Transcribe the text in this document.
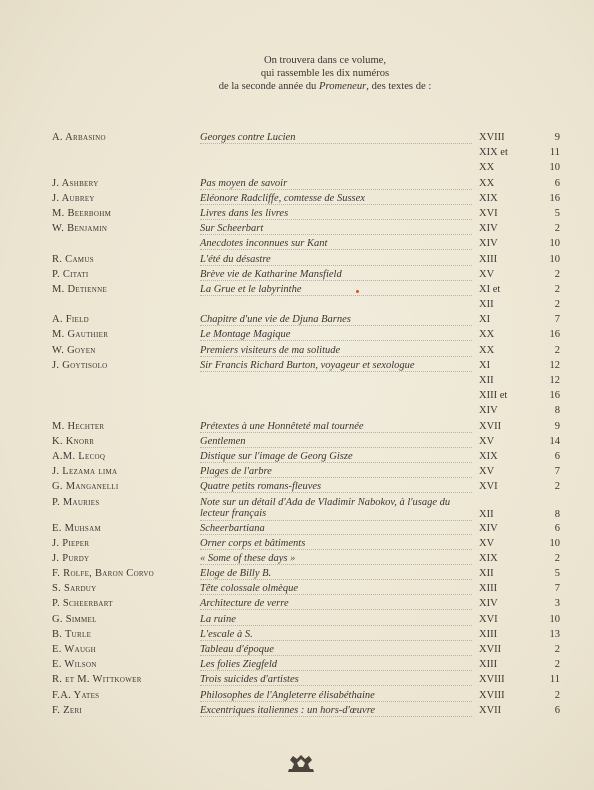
On trouvera dans ce volume,
qui rassemble les dix numéros
de la seconde année du Promeneur, des textes de :
A. Arbasino	Georges contre Lucien	XVIII	9
XIX et	11
XX	10
J. Ashbery	Pas moyen de savoir	XX	6
J. Aubrey	Eléonore Radcliffe, comtesse de Sussex	XIX	16
M. Beerbohm	Livres dans les livres	XVI	5
W. Benjamin	Sur Scheerbart	XIV	2
Anecdotes inconnues sur Kant	XIV	10
R. Camus	L'été du désastre	XIII	10
P. Citati	Brève vie de Katharine Mansfield	XV	2
M. Detienne	La Grue et le labyrinthe	XI et	2
XII	2
A. Field	Chapitre d'une vie de Djuna Barnes	XI	7
M. Gauthier	Le Montage Magique	XX	16
W. Goyen	Premiers visiteurs de ma solitude	XX	2
J. Goytisolo	Sir Francis Richard Burton, voyageur et sexologue	XI	12
XII	12
XIII et	16
XIV	8
M. Hechter	Prétextes à une Honnêteté mal tournée	XVII	9
K. Knorr	Gentlemen	XV	14
A.M. Lecoq	Distique sur l'image de Georg Gisze	XIX	6
J. Lezama lima	Plages de l'arbre	XV	7
G. Manganelli	Quatre petits romans-fleuves	XVI	2
P. Mauries	Note sur un détail d'Ada de Vladimir Nabokov, à l'usage du lecteur français	XII	8
E. Muhsam	Scheerbartiana	XIV	6
J. Pieper	Orner corps et bâtiments	XV	10
J. Purdy	« Some of these days »	XIX	2
F. Rolfe, Baron Corvo	Eloge de Billy B.	XII	5
S. Sarduy	Tête colossale olmèque	XIII	7
P. Scheerbart	Architecture de verre	XIV	3
G. Simmel	La ruine	XVI	10
B. Turle	L'escale à S.	XIII	13
E. Waugh	Tableau d'époque	XVII	2
E. Wilson	Les folies Ziegfeld	XIII	2
R. et M. Wittkower	Trois suicides d'artistes	XVIII	11
F.A. Yates	Philosophes de l'Angleterre élisabéthaine	XVIII	2
F. Zeri	Excentriques italiennes : un hors-d'œuvre	XVII	6
